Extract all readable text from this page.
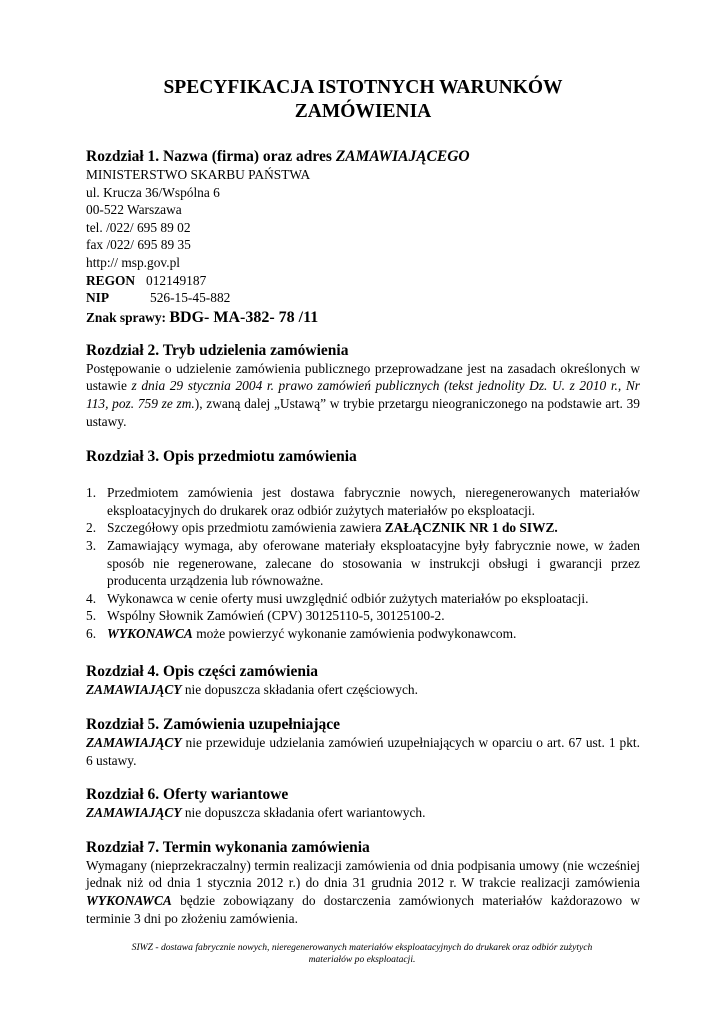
SPECYFIKACJA ISTOTNYCH WARUNKÓW
ZAMÓWIENIA
Rozdział 1. Nazwa (firma) oraz adres ZAMAWIAJĄCEGO
MINISTERSTWO SKARBU PAŃSTWA
ul. Krucza 36/Wspólna 6
00-522 Warszawa
tel. /022/ 695 89 02
fax /022/ 695 89 35
http:// msp.gov.pl
REGON 012149187
NIP	526-15-45-882
Znak sprawy: BDG- MA-382- 78 /11
Rozdział 2. Tryb udzielenia zamówienia

Postępowanie o udzielenie zamówienia publicznego przeprowadzane jest na zasadach określonych w ustawie z dnia 29 stycznia 2004 r. prawo zamówień publicznych (tekst jednolity Dz. U. z 2010 r., Nr 113, poz. 759 ze zm.), zwaną dalej „Ustawą” w trybie przetargu nieograniczonego na podstawie art. 39 ustawy.

Rozdział 3. Opis przedmiotu zamówienia
1. Przedmiotem zamówienia jest dostawa fabrycznie nowych, nieregenerowanych materiałów eksploatacyjnych do drukarek oraz odbiór zużytych materiałów po eksploatacji.
2. Szczegółowy opis przedmiotu zamówienia zawiera ZAŁĄCZNIK NR 1 do SIWZ.
3. Zamawiający wymaga, aby oferowane materiały eksploatacyjne były fabrycznie nowe, w żaden sposób nie regenerowane, zalecane do stosowania w instrukcji obsługi i gwarancji przez producenta urządzenia lub równoważne.
4. Wykonawca w cenie oferty musi uwzględnić odbiór zużytych materiałów po eksploatacji.
5. Wspólny Słownik Zamówień (CPV) 30125110-5, 30125100-2.
6. WYKONAWCA może powierzyć wykonanie zamówienia podwykonawcom.
Rozdział 4. Opis części zamówienia

ZAMAWIAJĄCY nie dopuszcza składania ofert częściowych.

Rozdział 5. Zamówienia uzupełniające

ZAMAWIAJĄCY nie przewiduje udzielania zamówień uzupełniających w oparciu o art. 67 ust. 1 pkt. 6 ustawy.

Rozdział 6. Oferty wariantowe

ZAMAWIAJĄCY nie dopuszcza składania ofert wariantowych.

Rozdział 7. Termin wykonania zamówienia

Wymagany (nieprzekraczalny) termin realizacji zamówienia od dnia podpisania umowy (nie wcześniej jednak niż od dnia 1 stycznia 2012 r.) do dnia 31 grudnia 2012 r. W trakcie realizacji zamówienia WYKONAWCA będzie zobowiązany do dostarczenia zamówionych materiałów każdorazowo w terminie 3 dni po złożeniu zamówienia.

SIWZ - dostawa fabrycznie nowych, nieregenerowanych materiałów eksploatacyjnych do drukarek oraz odbiór zużytych
materiałów po eksploatacji.
